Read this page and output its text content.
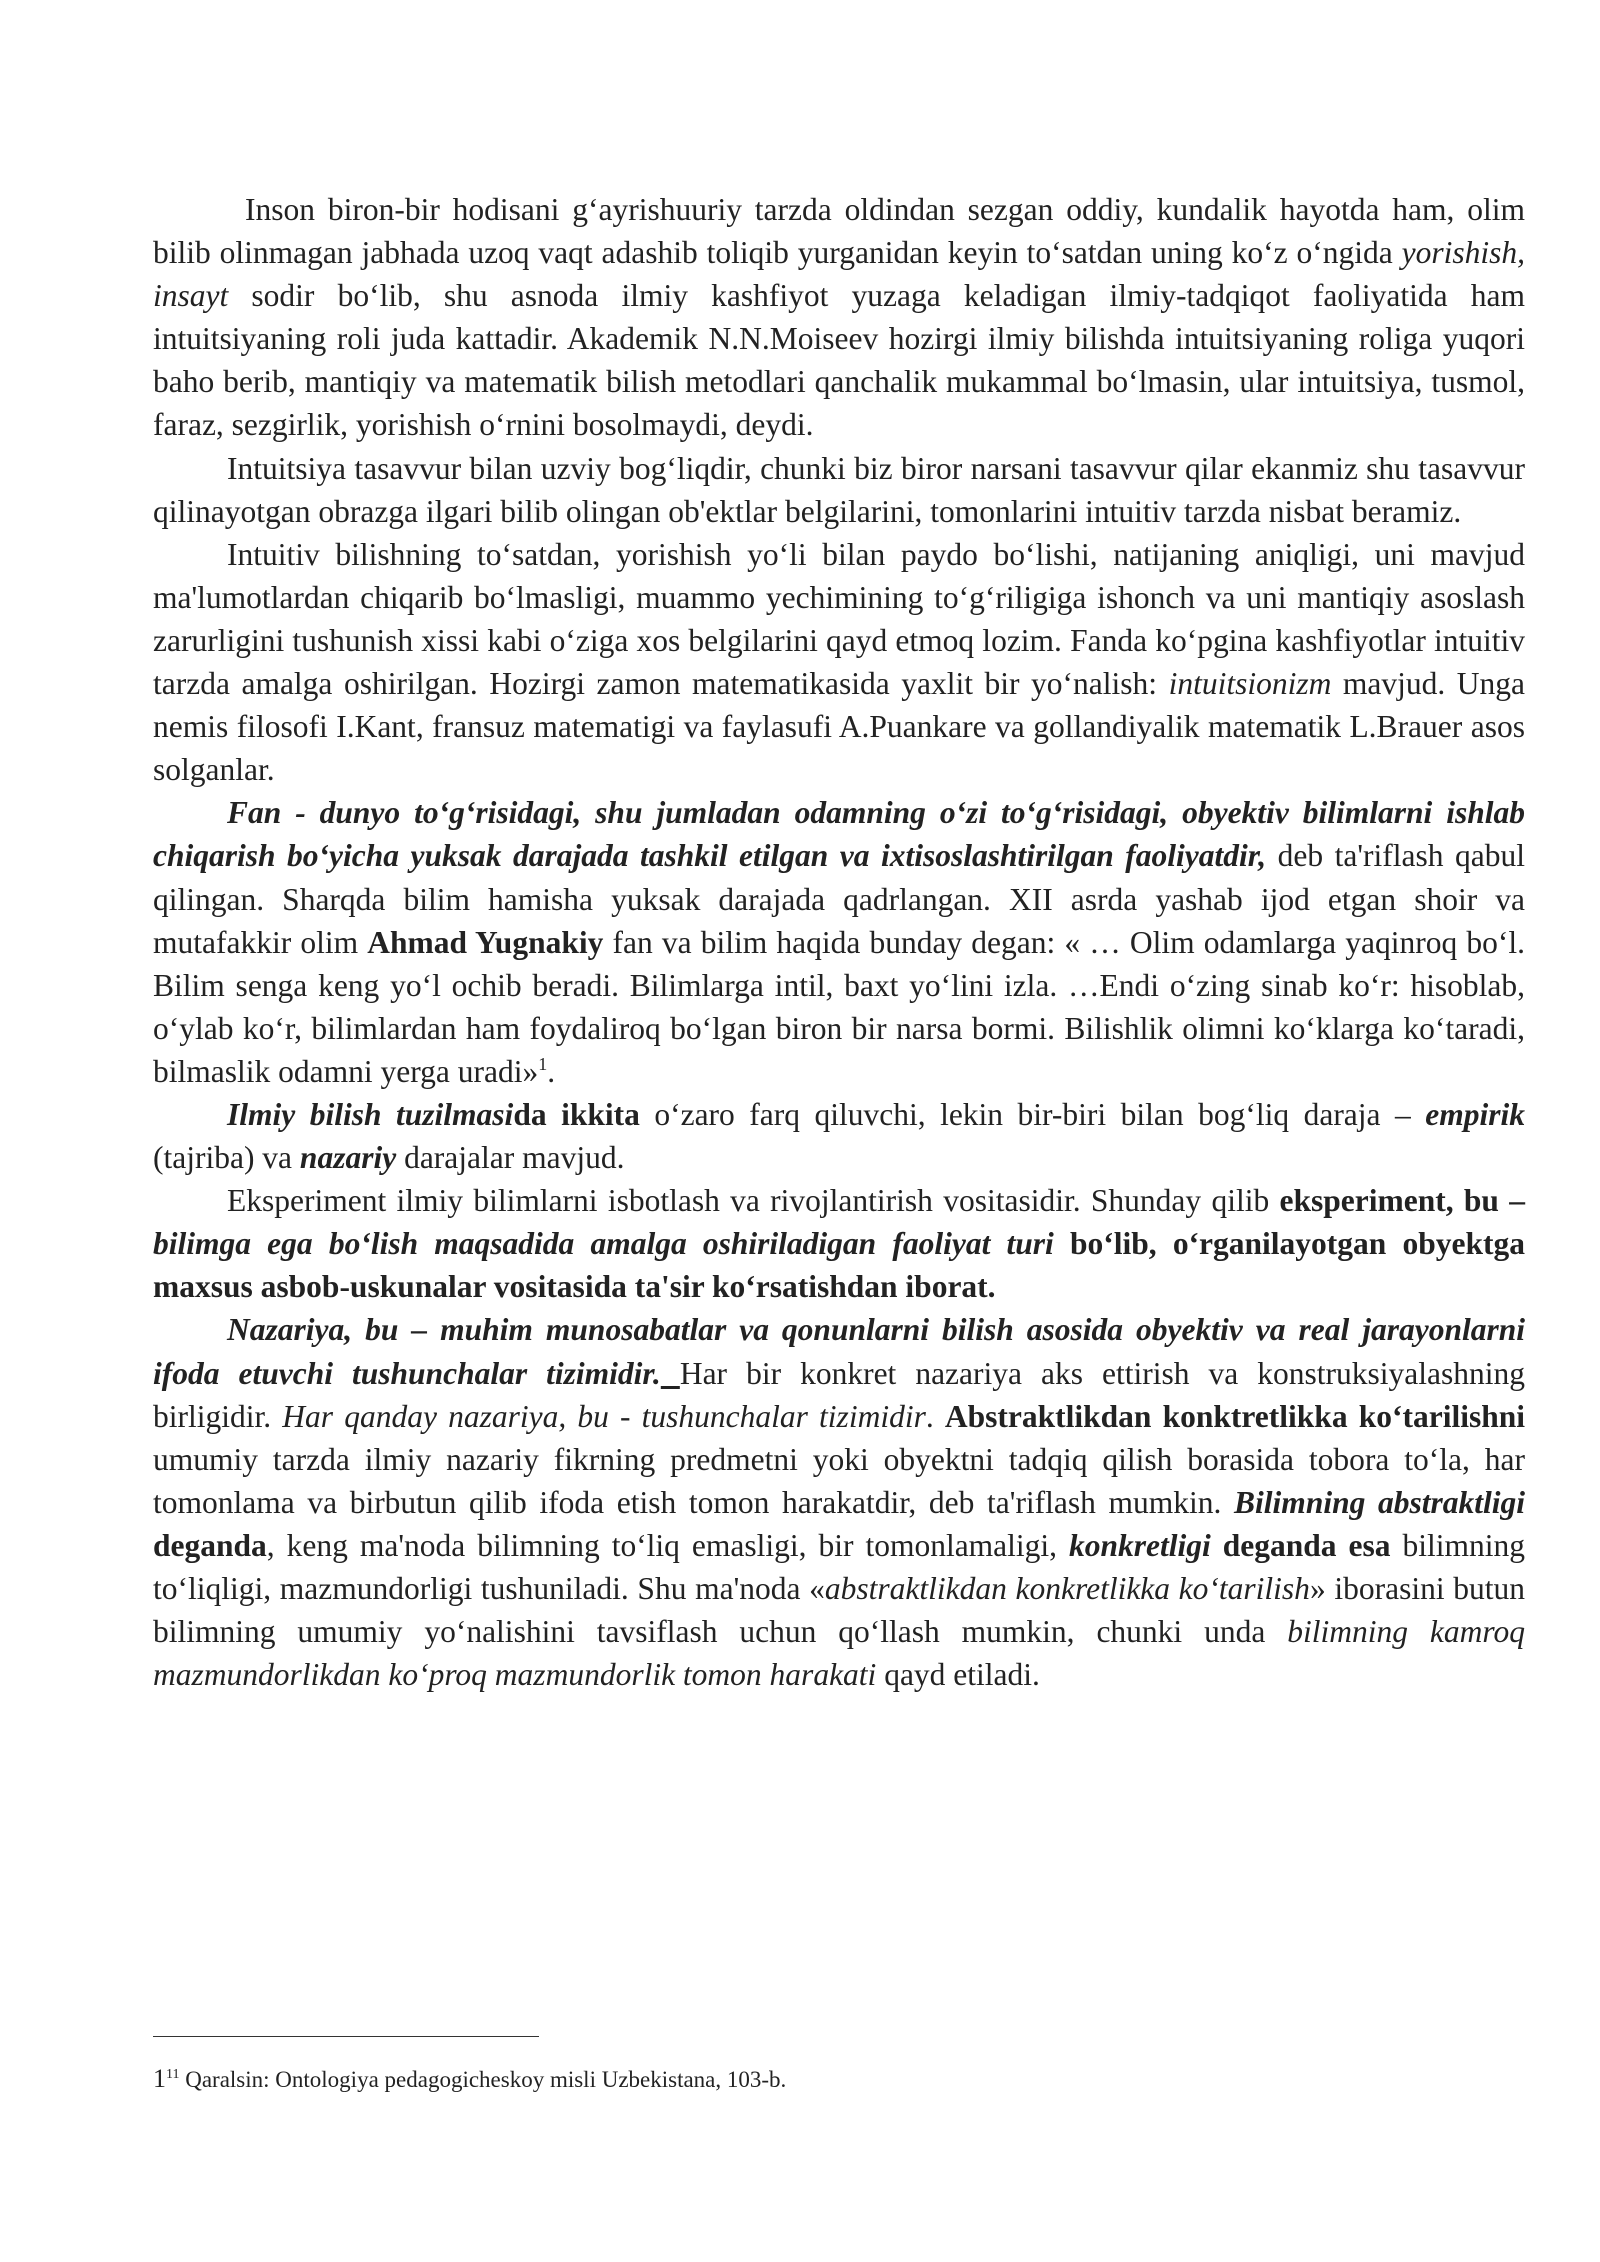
Inson biron-bir hodisani g‘ayrishuuriy tarzda oldindan sezgan oddiy, kundalik hayotda ham, olim bilib olinmagan jabhada uzoq vaqt adashib toliqib yurganidan keyin to‘satdan uning ko‘z o‘ngida yorishish, insayt sodir bo‘lib, shu asnoda ilmiy kashfiyot yuzaga keladigan ilmiy-tadqiqot faoliyatida ham intuitsiyaning roli juda kattadir. Akademik N.N.Moiseev hozirgi ilmiy bilishda intuitsiyaning roliga yuqori baho berib, mantiqiy va matematik bilish metodlari qanchalik mukammal bo‘lmasin, ular intuitsiya, tusmol, faraz, sezgirlik, yorishish o‘rnini bosolmaydi, deydi.

Intuitsiya tasavvur bilan uzviy bog‘liqdir, chunki biz biror narsani tasavvur qilar ekanmiz shu tasavvur qilinayotgan obrazga ilgari bilib olingan ob'ektlar belgilarini, tomonlarini intuitiv tarzda nisbat beramiz.

Intuitiv bilishning to‘satdan, yorishish yo‘li bilan paydo bo‘lishi, natijaning aniqligi, uni mavjud ma'lumotlardan chiqarib bo‘lmasligi, muammo yechimining to‘g‘riligiga ishonch va uni mantiqiy asoslash zarurligini tushunish xissi kabi o‘ziga xos belgilarini qayd etmoq lozim. Fanda ko‘pgina kashfiyotlar intuitiv tarzda amalga oshirilgan. Hozirgi zamon matematikasida yaxlit bir yo‘nalish: intuitsionizm mavjud. Unga nemis filosofi I.Kant, fransuz matematigi va faylasufi A.Puankare va gollandiyalik matematik L.Brauer asos solganlar.

Fan - dunyo to‘g‘risidagi, shu jumladan odamning o‘zi to‘g‘risidagi, obyektiv bilimlarni ishlab chiqarish bo‘yicha yuksak darajada tashkil etilgan va ixtisoslashtirilgan faoliyatdir, deb ta'riflash qabul qilingan. Sharqda bilim hamisha yuksak darajada qadrlangan. XII asrda yashab ijod etgan shoir va mutafakkir olim Ahmad Yugnakiy fan va bilim haqida bunday degan: « … Olim odamlarga yaqinroq bo‘l. Bilim senga keng yo‘l ochib beradi. Bilimlarga intil, baxt yo‘lini izla. …Endi o‘zing sinab ko‘r: hisoblab, o‘ylab ko‘r, bilimlardan ham foydaliroq bo‘lgan biron bir narsa bormi. Bilishlik olimni ko‘klarga ko‘taradi, bilmaslik odamni yerga uradi»$^1$.

Ilmiy bilish tuzilmasida ikkita o‘zaro farq qiluvchi, lekin bir-biri bilan bog‘liq daraja – empirik (tajriba) va nazariy darajalar mavjud.

Eksperiment ilmiy bilimlarni isbotlash va rivojlantirish vositasidir. Shunday qilib eksperiment, bu – bilimga ega bo‘lish maqsadida amalga oshiriladigan faoliyat turi bo‘lib, o‘rganilayotgan obyektga maxsus asbob-uskunalar vositasida ta'sir ko‘rsatishdan iborat.

Nazariya, bu – muhim munosabatlar va qonunlarni bilish asosida obyektiv va real jarayonlarni ifoda etuvchi tushunchalar tizimidir. Har bir konkret nazariya aks ettirish va konstruksiyalashning birligidir. Har qanday nazariya, bu - tushunchalar tizimidir. Abstraktlikdan konktretlikka ko‘tarilishni umumiy tarzda ilmiy nazariy fikrning predmetni yoki obyektni tadqiq qilish borasida tobora to‘la, har tomonlama va birbutun qilib ifoda etish tomon harakatdir, deb ta'riflash mumkin. Bilimning abstraktligi deganda, keng ma'noda bilimning to‘liq emasligi, bir tomonlamaligi, konkretligi deganda esa bilimning to‘liqligi, mazmundorligi tushuniladi. Shu ma'noda «abstraktlikdan konkretlikka ko‘tarilish» iborasini butun bilimning umumiy yo‘nalishini tavsiflash uchun qo‘llash mumkin, chunki unda bilimning kamroq mazmundorlikdan ko‘proq mazmundorlik tomon harakati qayd etiladi.

$1^{11}$ Qaralsin: Ontologiya pedagogicheskoy misli Uzbekistana, 103-b.
